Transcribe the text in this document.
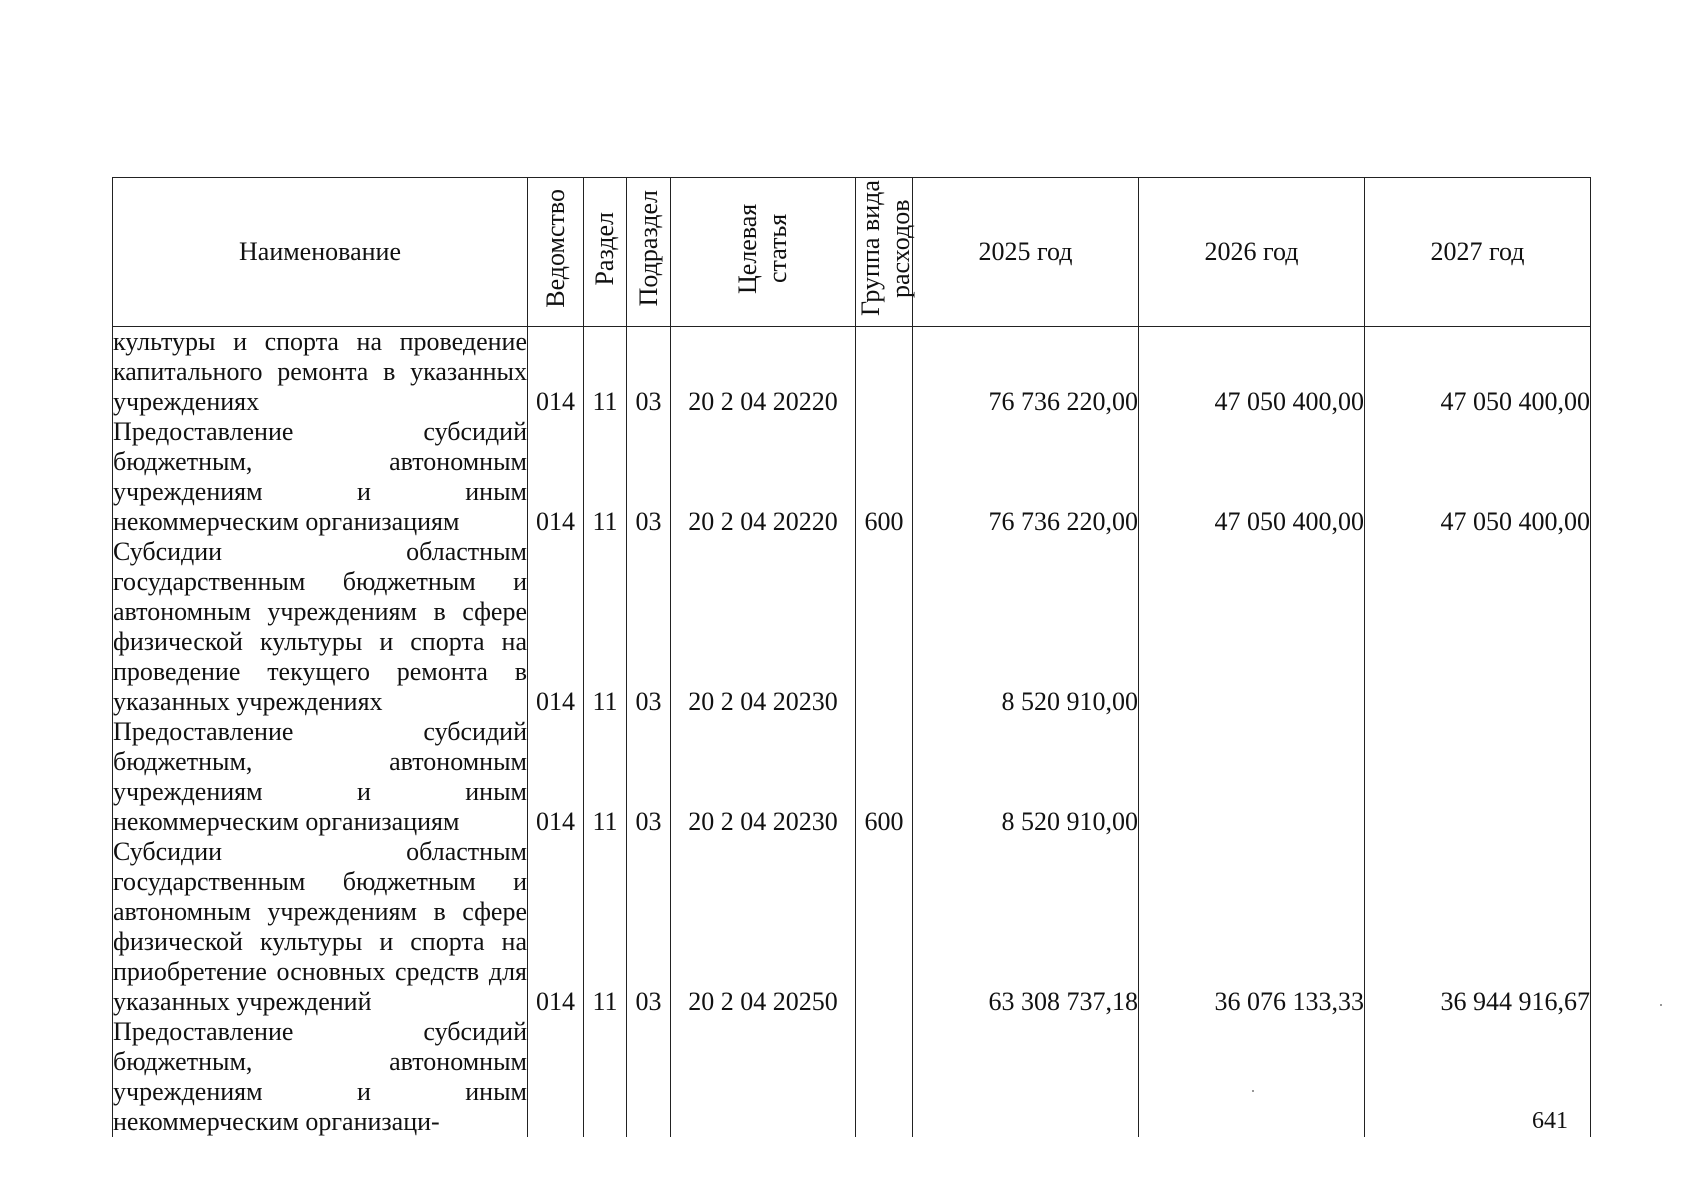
Наименование	Ведомство	Раздел	Подраздел	Целевая статья	Группа вида расходов	2025 год	2026 год	2027 год
культуры и спорта на проведение капитального ремонта в указанных учреждениях	014	11	03	20 2 04 20220		76 736 220,00	47 050 400,00	47 050 400,00
Предоставление субсидий бюджетным, автономным учреждениям и иным некоммерческим организациям	014	11	03	20 2 04 20220	600	76 736 220,00	47 050 400,00	47 050 400,00
Субсидии областным государственным бюджетным и автономным учреждениям в сфере физической культуры и спорта на проведение текущего ремонта в указанных учреждениях	014	11	03	20 2 04 20230		8 520 910,00		
Предоставление субсидий бюджетным, автономным учреждениям и иным некоммерческим организациям	014	11	03	20 2 04 20230	600	8 520 910,00		
Субсидии областным государственным бюджетным и автономным учреждениям в сфере физической культуры и спорта на приобретение основных средств для указанных учреждений	014	11	03	20 2 04 20250		63 308 737,18	36 076 133,33	36 944 916,67
Предоставление субсидий бюджетным, автономным учреждениям и иным некоммерческим организаци-									641
